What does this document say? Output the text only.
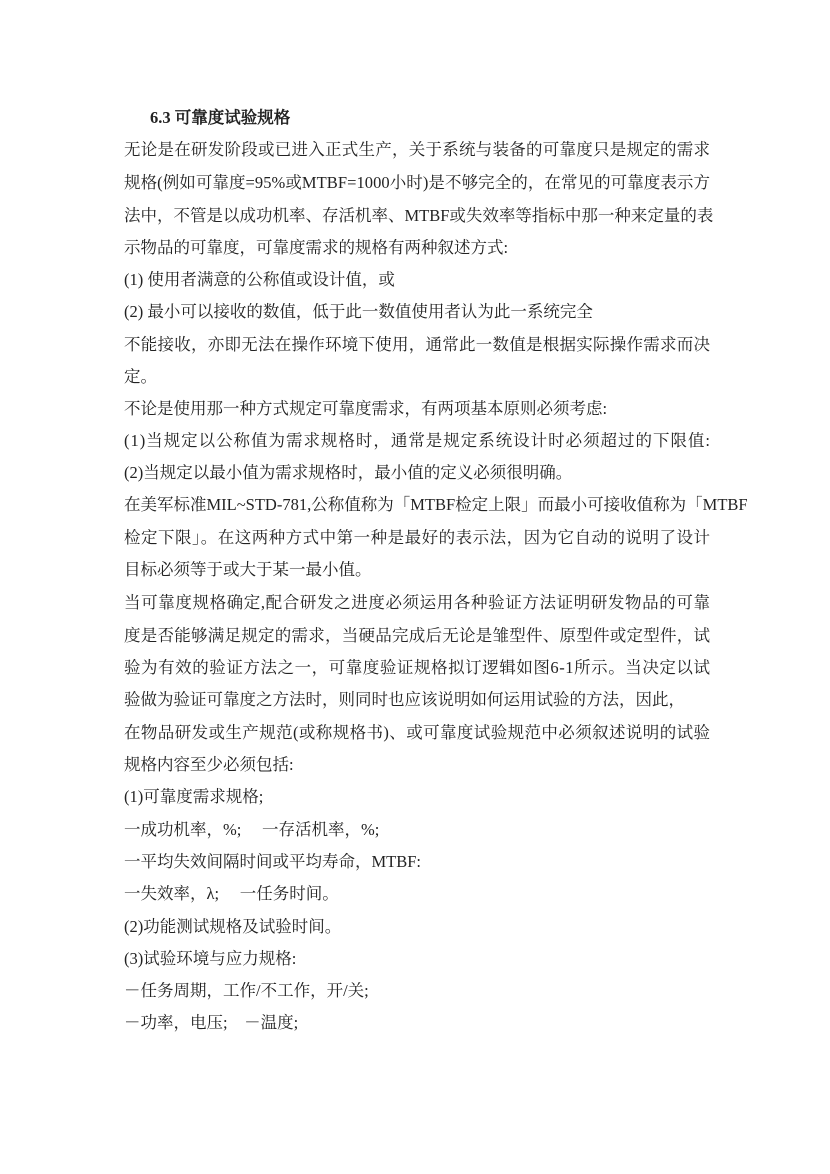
6.3 可靠度试验规格
无论是在研发阶段或已进入正式生产，关于系统与装备的可靠度只是规定的需求
规格(例如可靠度=95%或MTBF=1000小时)是不够完全的，在常见的可靠度表示方
法中，不管是以成功机率、存活机率、MTBF或失效率等指标中那一种来定量的表
示物品的可靠度，可靠度需求的规格有两种叙述方式:
(1) 使用者满意的公称值或设计值，或
(2) 最小可以接收的数值，低于此一数值使用者认为此一系统完全
不能接收，亦即无法在操作环境下使用，通常此一数值是根据实际操作需求而决
定。
不论是使用那一种方式规定可靠度需求，有两项基本原则必须考虑:
(1)当规定以公称值为需求规格时，通常是规定系统设计时必须超过的下限值:
(2)当规定以最小值为需求规格时，最小值的定义必须很明确。
在美军标准MIL~STD-781,公称值称为「MTBF检定上限」而最小可接收值称为「MTBF
检定下限」。在这两种方式中第一种是最好的表示法，因为它自动的说明了设计
目标必须等于或大于某一最小值。
当可靠度规格确定,配合研发之进度必须运用各种验证方法证明研发物品的可靠
度是否能够满足规定的需求，当硬品完成后无论是雏型件、原型件或定型件，试
验为有效的验证方法之一，可靠度验证规格拟订逻辑如图6-1所示。当决定以试
验做为验证可靠度之方法时，则同时也应该说明如何运用试验的方法，因此，
在物品研发或生产规范(或称规格书)、或可靠度试验规范中必须叙述说明的试验
规格内容至少必须包括:
(1)可靠度需求规格;
一成功机率，%;　 一存活机率，%;
一平均失效间隔时间或平均寿命，MTBF:
一失效率，λ;　 一任务时间。
(2)功能测试规格及试验时间。
(3)试验环境与应力规格:
－任务周期，工作/不工作，开/关;
－功率，电压;　－温度;
